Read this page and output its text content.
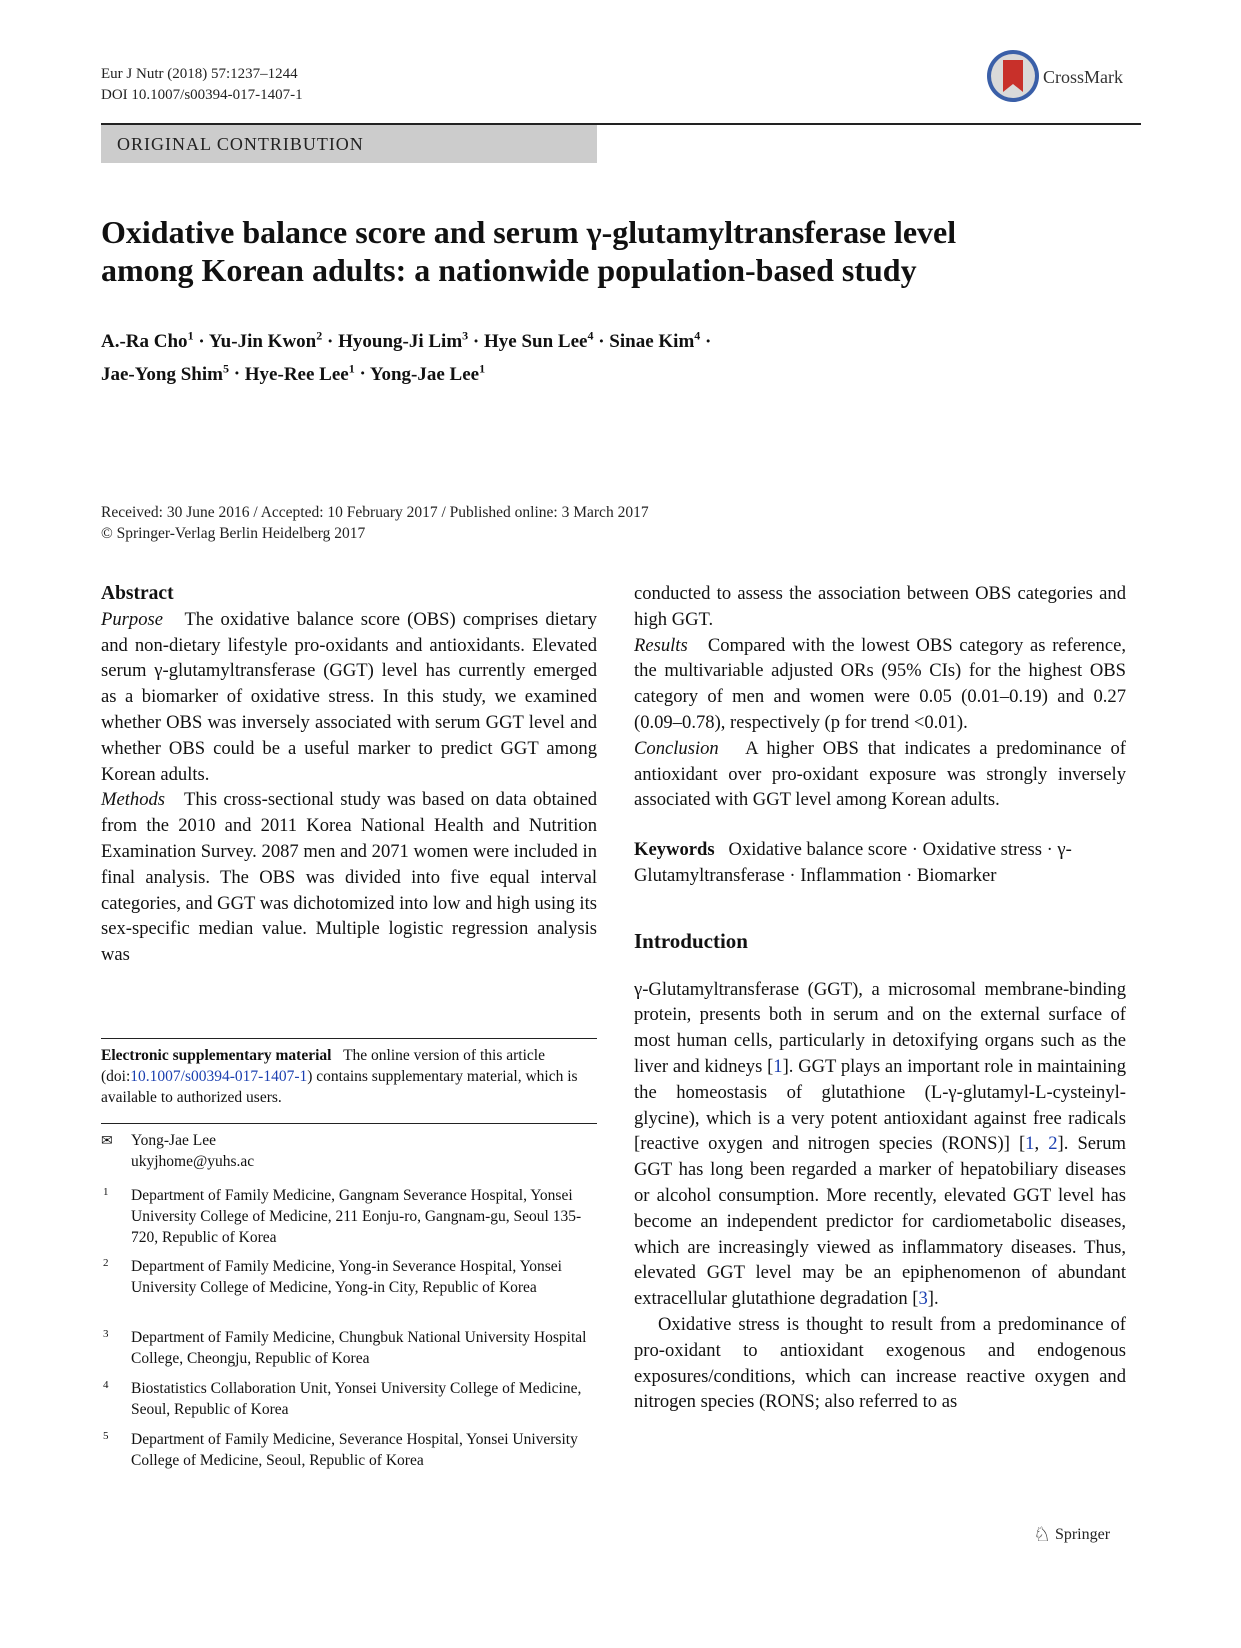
Eur J Nutr (2018) 57:1237–1244
DOI 10.1007/s00394-017-1407-1
CrossMark
ORIGINAL CONTRIBUTION
Oxidative balance score and serum γ-glutamyltransferase level
among Korean adults: a nationwide population-based study
A.-Ra Cho$^1$ · Yu-Jin Kwon$^2$ · Hyoung-Ji Lim$^3$ · Hye Sun Lee$^4$ · Sinae Kim$^4$ ·
Jae-Yong Shim$^5$ · Hye-Ree Lee$^1$ · Yong-Jae Lee$^1$
Received: 30 June 2016 / Accepted: 10 February 2017 / Published online: 3 March 2017
© Springer-Verlag Berlin Heidelberg 2017
Abstract

Purpose The oxidative balance score (OBS) comprises dietary and non-dietary lifestyle pro-oxidants and antioxidants. Elevated serum γ-glutamyltransferase (GGT) level has currently emerged as a biomarker of oxidative stress. In this study, we examined whether OBS was inversely associated with serum GGT level and whether OBS could be a useful marker to predict GGT among Korean adults.

Methods This cross-sectional study was based on data obtained from the 2010 and 2011 Korea National Health and Nutrition Examination Survey. 2087 men and 2071 women were included in final analysis. The OBS was divided into five equal interval categories, and GGT was dichotomized into low and high using its sex-specific median value. Multiple logistic regression analysis was

conducted to assess the association between OBS categories and high GGT.

Results Compared with the lowest OBS category as reference, the multivariable adjusted ORs (95% CIs) for the highest OBS category of men and women were 0.05 (0.01–0.19) and 0.27 (0.09–0.78), respectively (p for trend <0.01).

Conclusion A higher OBS that indicates a predominance of antioxidant over pro-oxidant exposure was strongly inversely associated with GGT level among Korean adults.

Keywords Oxidative balance score · Oxidative stress · γ-Glutamyltransferase · Inflammation · Biomarker

Introduction

γ-Glutamyltransferase (GGT), a microsomal membrane-binding protein, presents both in serum and on the external surface of most human cells, particularly in detoxifying organs such as the liver and kidneys [1]. GGT plays an important role in maintaining the homeostasis of glutathione (L-γ-glutamyl-L-cysteinyl-glycine), which is a very potent antioxidant against free radicals [reactive oxygen and nitrogen species (RONS)] [1, 2]. Serum GGT has long been regarded a marker of hepatobiliary diseases or alcohol consumption. More recently, elevated GGT level has become an independent predictor for cardiometabolic diseases, which are increasingly viewed as inflammatory diseases. Thus, elevated GGT level may be an epiphenomenon of abundant extracellular glutathione degradation [3].

Oxidative stress is thought to result from a predominance of pro-oxidant to antioxidant exogenous and endogenous exposures/conditions, which can increase reactive oxygen and nitrogen species (RONS; also referred to as

Electronic supplementary material The online version of this article (doi:10.1007/s00394-017-1407-1) contains supplementary material, which is available to authorized users.
✉	Yong-Jae Lee
ukyjhome@yuhs.ac
1	Department of Family Medicine, Gangnam Severance Hospital, Yonsei University College of Medicine, 211 Eonju-ro, Gangnam-gu, Seoul 135-720, Republic of Korea
2	Department of Family Medicine, Yong-in Severance Hospital, Yonsei University College of Medicine, Yong-in City, Republic of Korea
3	Department of Family Medicine, Chungbuk National University Hospital College, Cheongju, Republic of Korea
4	Biostatistics Collaboration Unit, Yonsei University College of Medicine, Seoul, Republic of Korea
5	Department of Family Medicine, Severance Hospital, Yonsei University College of Medicine, Seoul, Republic of Korea
♘ Springer
